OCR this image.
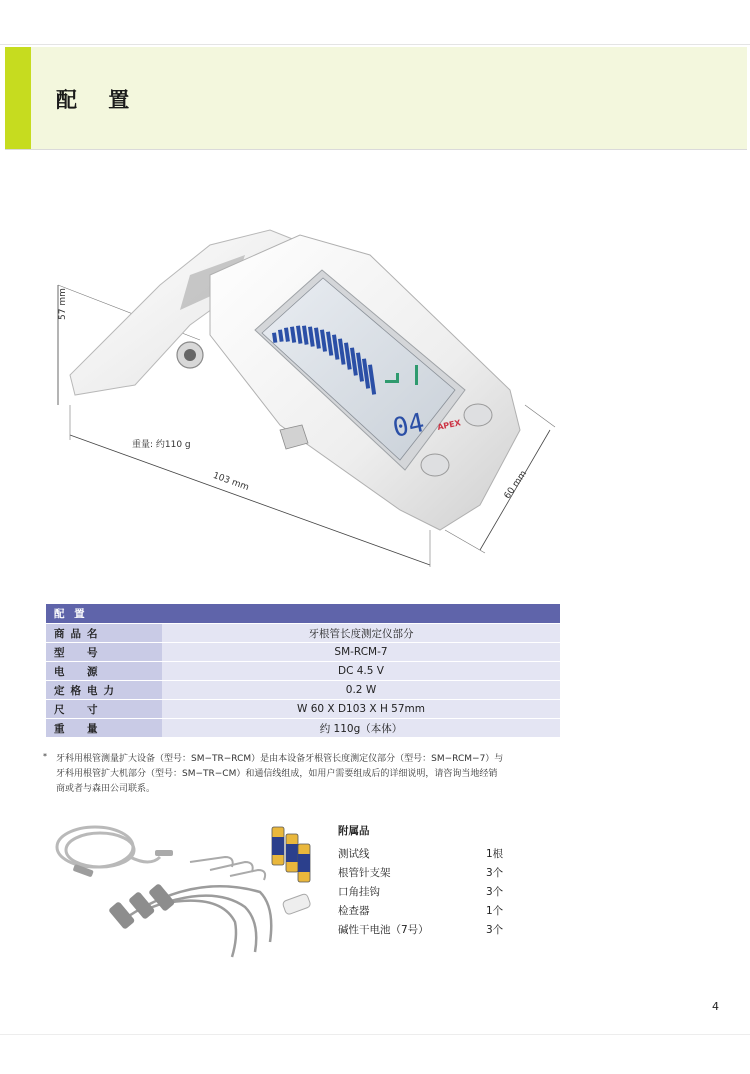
配 置
04 APEX
57 mm
103 mm	60 mm
重量: 约110 g
配 置	
商品名	牙根管长度测定仪部分
型　号	SM-RCM-7
电　源	DC 4.5 V
定格电力	0.2 W
尺　寸	W 60 X D103 X H 57mm
重　量	约 110g（本体）
* 牙科用根管测量扩大设备（型号：SM−TR−RCM）是由本设备牙根管长度测定仪部分（型号：SM−RCM−7）与

牙科用根管扩大机部分（型号：SM−TR−CM）和通信线组成，如用户需要组成后的详细说明，请咨询当地经销

商或者与森田公司联系。

附属品
测试线	1根
根管针支架	3个
口角挂钩	3个
检查器	1个
碱性干电池（7号）	3个
4
